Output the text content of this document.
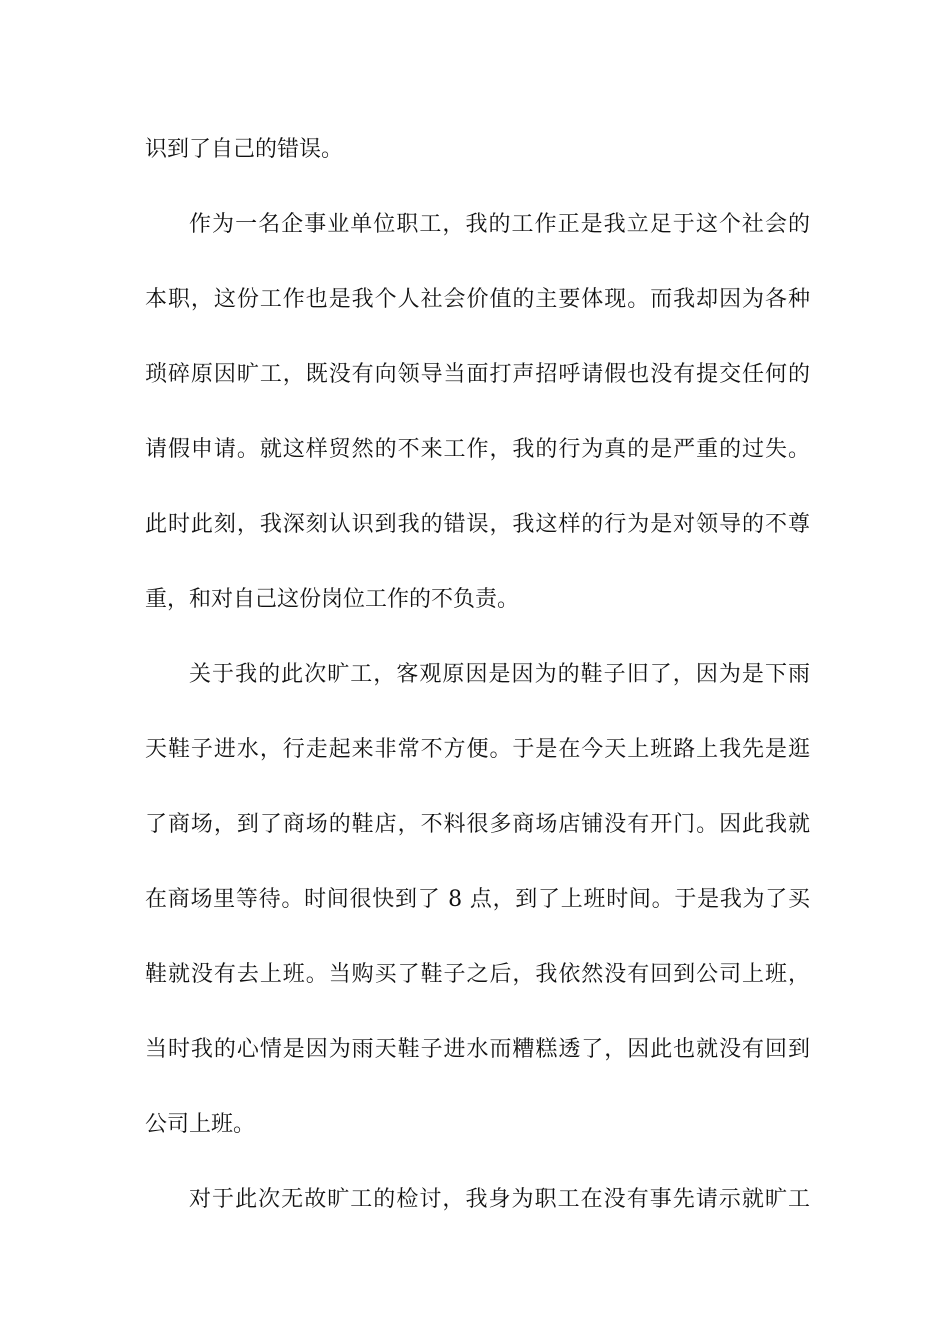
识到了自己的错误。
作为一名企事业单位职工，我的工作正是我立足于这个社会的
本职，这份工作也是我个人社会价值的主要体现。而我却因为各种
琐碎原因旷工，既没有向领导当面打声招呼请假也没有提交任何的
请假申请。就这样贸然的不来工作，我的行为真的是严重的过失。
此时此刻，我深刻认识到我的错误，我这样的行为是对领导的不尊
重，和对自己这份岗位工作的不负责。
关于我的此次旷工，客观原因是因为的鞋子旧了，因为是下雨
天鞋子进水，行走起来非常不方便。于是在今天上班路上我先是逛
了商场，到了商场的鞋店，不料很多商场店铺没有开门。因此我就
在商场里等待。时间很快到了 8 点，到了上班时间。于是我为了买
鞋就没有去上班。当购买了鞋子之后，我依然没有回到公司上班，
当时我的心情是因为雨天鞋子进水而糟糕透了，因此也就没有回到
公司上班。
对于此次无故旷工的检讨，我身为职工在没有事先请示就旷工
